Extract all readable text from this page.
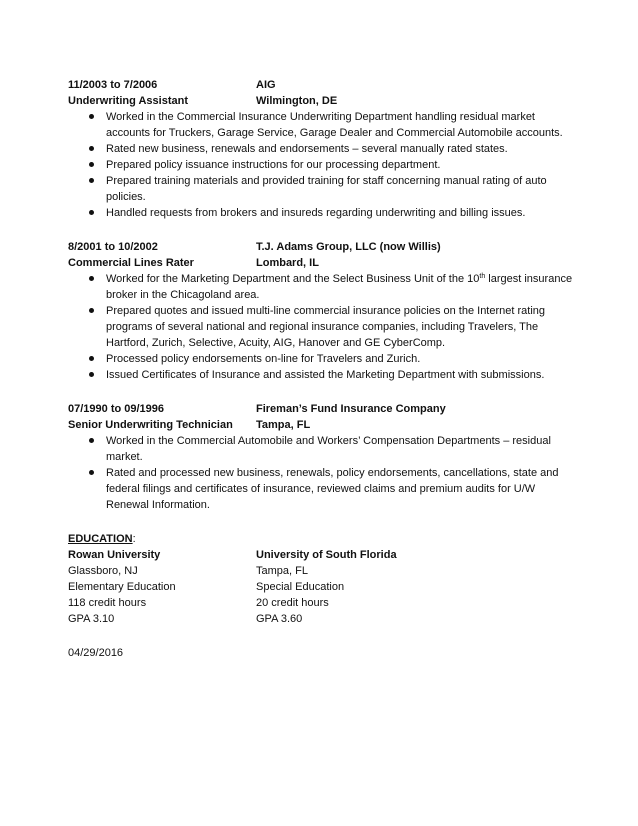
11/2003 to 7/2006	AIG
Underwriting Assistant	Wilmington, DE
Worked in the Commercial Insurance Underwriting Department handling residual market accounts for Truckers, Garage Service, Garage Dealer and Commercial Automobile accounts.
Rated new business, renewals and endorsements – several manually rated states.
Prepared policy issuance instructions for our processing department.
Prepared training materials and provided training for staff concerning manual rating of auto policies.
Handled requests from brokers and insureds regarding underwriting and billing issues.
8/2001 to 10/2002	T.J. Adams Group, LLC (now Willis)
Commercial Lines Rater	Lombard, IL
Worked for the Marketing Department and the Select Business Unit of the 10th largest insurance broker in the Chicagoland area.
Prepared quotes and issued multi-line commercial insurance policies on the Internet rating programs of several national and regional insurance companies, including Travelers, The Hartford, Zurich, Selective, Acuity, AIG, Hanover and GE CyberComp.
Processed policy endorsements on-line for Travelers and Zurich.
Issued Certificates of Insurance and assisted the Marketing Department with submissions.
07/1990 to 09/1996	Fireman’s Fund Insurance Company
Senior Underwriting Technician	Tampa, FL
Worked in the Commercial Automobile and Workers’ Compensation Departments – residual market.
Rated and processed new business, renewals, policy endorsements, cancellations, state and federal filings and certificates of insurance, reviewed claims and premium audits for U/W Renewal Information.
EDUCATION:
Rowan University	University of South Florida
Glassboro, NJ	Tampa, FL
Elementary Education	Special Education
118 credit hours	20 credit hours
GPA 3.10	GPA 3.60
04/29/2016
